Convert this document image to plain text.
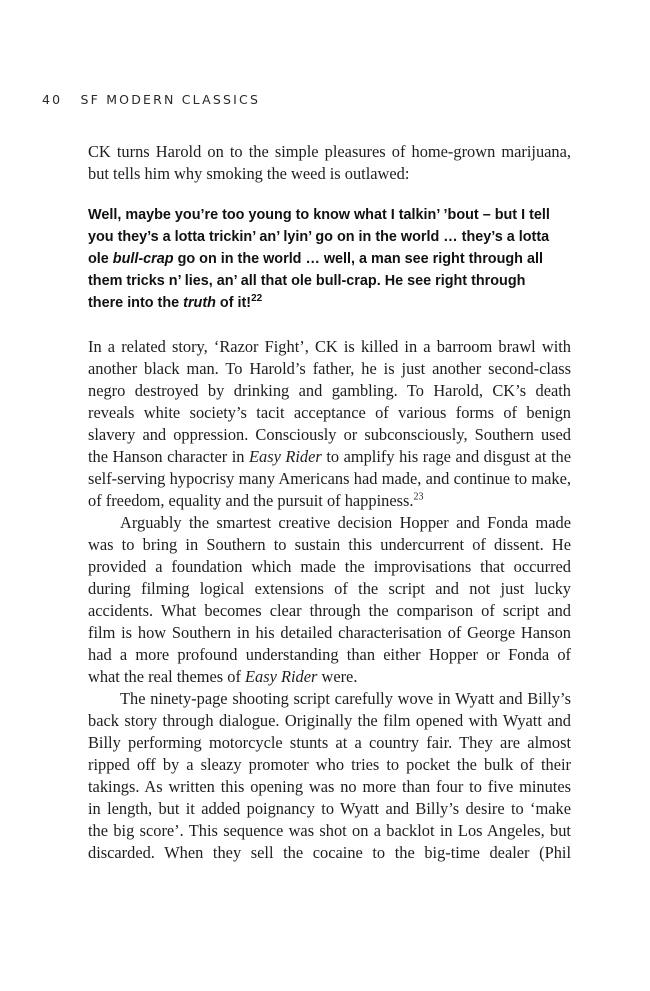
40 SF MODERN CLASSICS

CK turns Harold on to the simple pleasures of home-grown marijuana,
but tells him why smoking the weed is outlawed:

Well, maybe you’re too young to know what I talkin’ ’bout – but I tell
you they’s a lotta trickin’ an’ lyin’ go on in the world … they’s a lotta
ole bull-crap go on in the world … well, a man see right through all
them tricks n’ lies, an’ all that ole bull-crap. He see right through
there into the truth of it!$^{22}$

In a related story, ‘Razor Fight’, CK is killed in a barroom brawl with
another black man. To Harold’s father, he is just another second-class
negro destroyed by drinking and gambling. To Harold, CK’s death
reveals white society’s tacit acceptance of various forms of benign
slavery and oppression. Consciously or subconsciously, Southern used
the Hanson character in Easy Rider to amplify his rage and disgust at the
self-serving hypocrisy many Americans had made, and continue to make,
of freedom, equality and the pursuit of happiness.$^{23}$

Arguably the smartest creative decision Hopper and Fonda made
was to bring in Southern to sustain this undercurrent of dissent. He
provided a foundation which made the improvisations that occurred
during filming logical extensions of the script and not just lucky
accidents. What becomes clear through the comparison of script and
film is how Southern in his detailed characterisation of George Hanson
had a more profound understanding than either Hopper or Fonda of
what the real themes of Easy Rider were.

The ninety-page shooting script carefully wove in Wyatt and Billy’s
back story through dialogue. Originally the film opened with Wyatt and
Billy performing motorcycle stunts at a country fair. They are almost
ripped off by a sleazy promoter who tries to pocket the bulk of their
takings. As written this opening was no more than four to five minutes
in length, but it added poignancy to Wyatt and Billy’s desire to ‘make
the big score’. This sequence was shot on a backlot in Los Angeles, but
discarded. When they sell the cocaine to the big-time dealer (Phil
